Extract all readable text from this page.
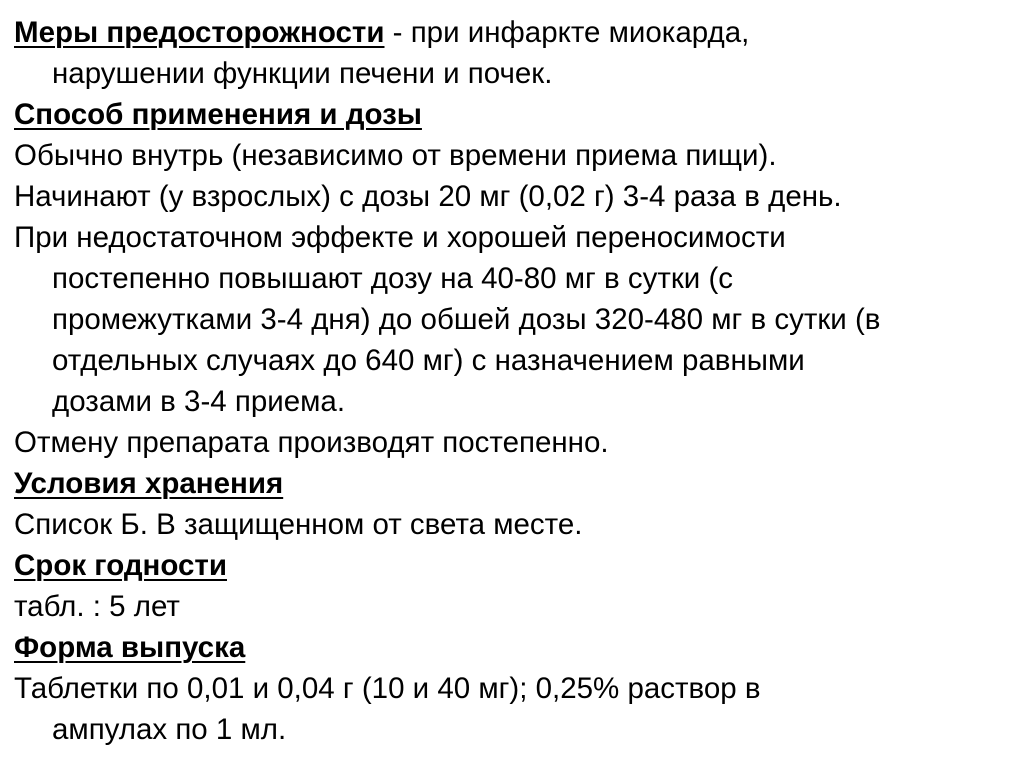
Меры предосторожности - при инфаркте миокарда,
нарушении функции печени и почек.
Способ применения и дозы
Обычно внутрь (независимо от времени приема пищи).
Начинают (у взрослых) с дозы 20 мг (0,02 г) 3-4 раза в день.
При недостаточном эффекте и хорошей переносимости
постепенно повышают дозу на 40-80 мг в сутки (с
промежутками 3-4 дня) до обшей дозы 320-480 мг в сутки (в
отдельных случаях до 640 мг) с назначением равными
дозами в 3-4 приема.
Отмену препарата производят постепенно.
Условия хранения
Список Б. В защищенном от света месте.
Срок годности
табл. : 5 лет
Форма выпуска
Таблетки по 0,01 и 0,04 г (10 и 40 мг); 0,25% раствор в
ампулах по 1 мл.
